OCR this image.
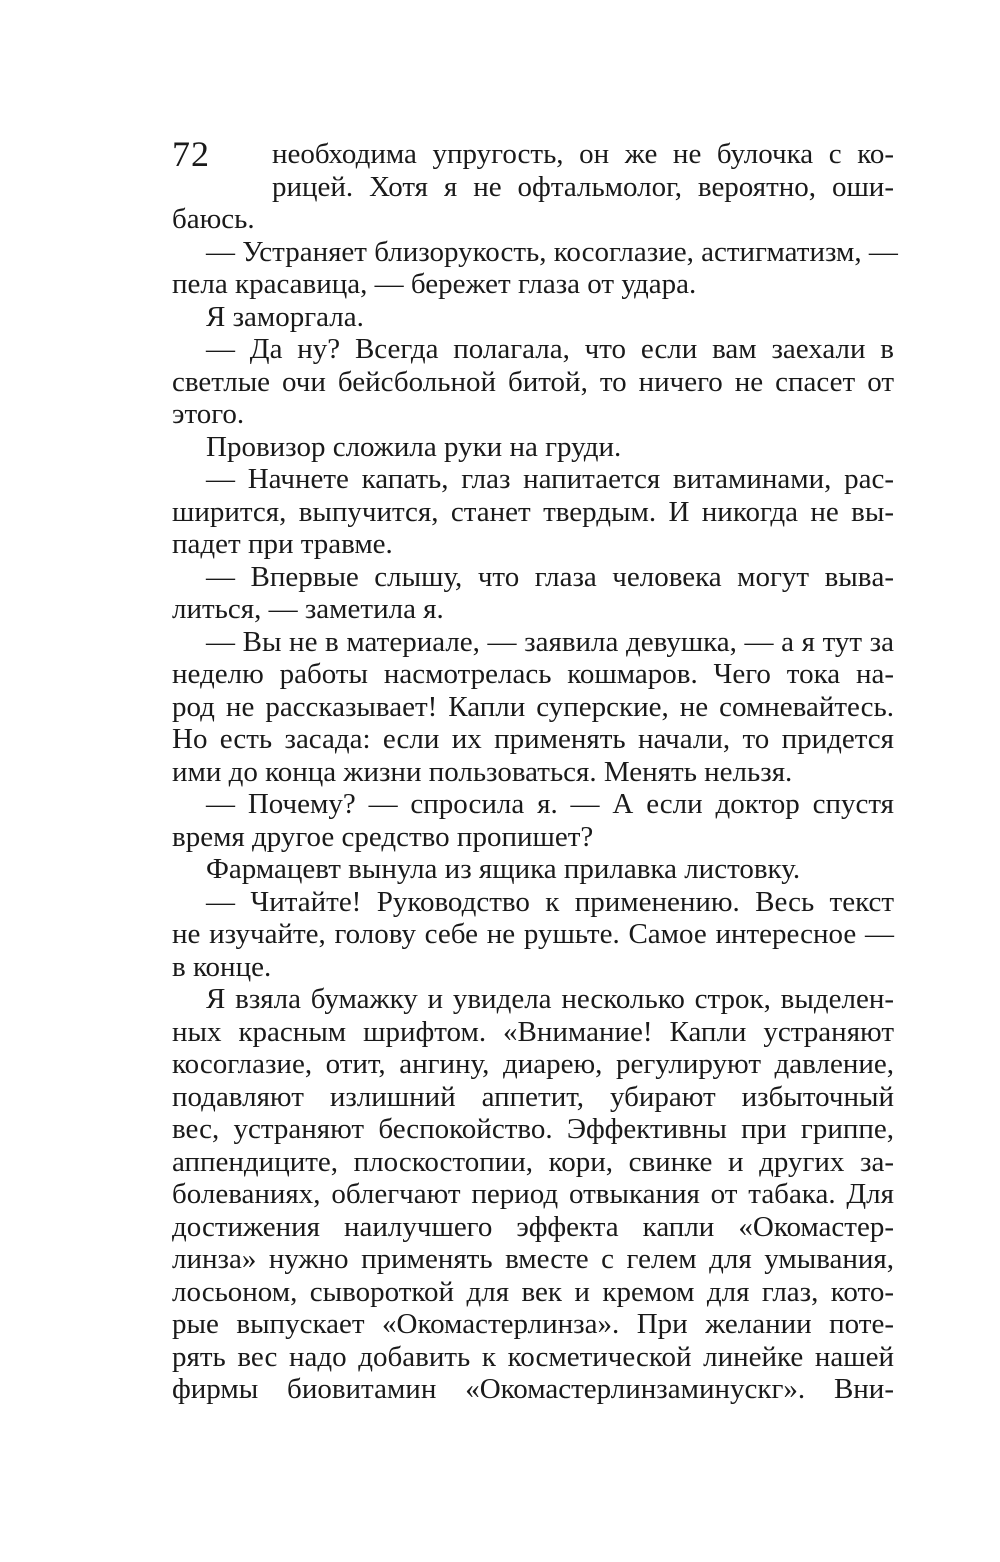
72	необходима упругость, он же не булочка с ко-
рицей. Хотя я не офтальмолог, вероятно, оши-
баюсь.
— Устраняет близорукость, косоглазие, астигматизм, —
пела красавица, — бережет глаза от удара.
Я заморгала.
— Да ну? Всегда полагала, что если вам заехали в
светлые очи бейсбольной битой, то ничего не спасет от
этого.
Провизор сложила руки на груди.
— Начнете капать, глаз напитается витаминами, рас-
ширится, выпучится, станет твердым. И никогда не вы-
падет при травме.
— Впервые слышу, что глаза человека могут вывa-
литься, — заметила я.
— Вы не в материале, — заявила девушка, — а я тут за
неделю работы насмотрелась кошмаров. Чего тока на-
род не рассказывает! Капли суперские, не сомневайтесь.
Но есть засада: если их применять начали, то придется
ими до конца жизни пользоваться. Менять нельзя.
— Почему? — спросила я. — А если доктор спустя
время другое средство пропишет?
Фармацевт вынула из ящика прилавка листовку.
— Читайте! Руководство к применению. Весь текст
не изучайте, голову себе не рушьте. Самое интересное —
в конце.
Я взяла бумажку и увидела несколько строк, выделен-
ных красным шрифтом. «Внимание! Капли устраняют
косоглазие, отит, ангину, диарею, регулируют давление,
подавляют излишний аппетит, убирают избыточный
вес, устраняют беспокойство. Эффективны при гриппе,
аппендиците, плоскостопии, кори, свинке и других за-
болеваниях, облегчают период отвыкания от табака. Для
достижения наилучшего эффекта капли «Окомастер-
линза» нужно применять вместе с гелем для умывания,
лосьоном, сывороткой для век и кремом для глаз, кото-
рые выпускает «Окомастерлинза». При желании поте-
рять вес надо добавить к косметической линейке нашей
фирмы биовитамин «Окомастерлинзаминускг». Вни-
